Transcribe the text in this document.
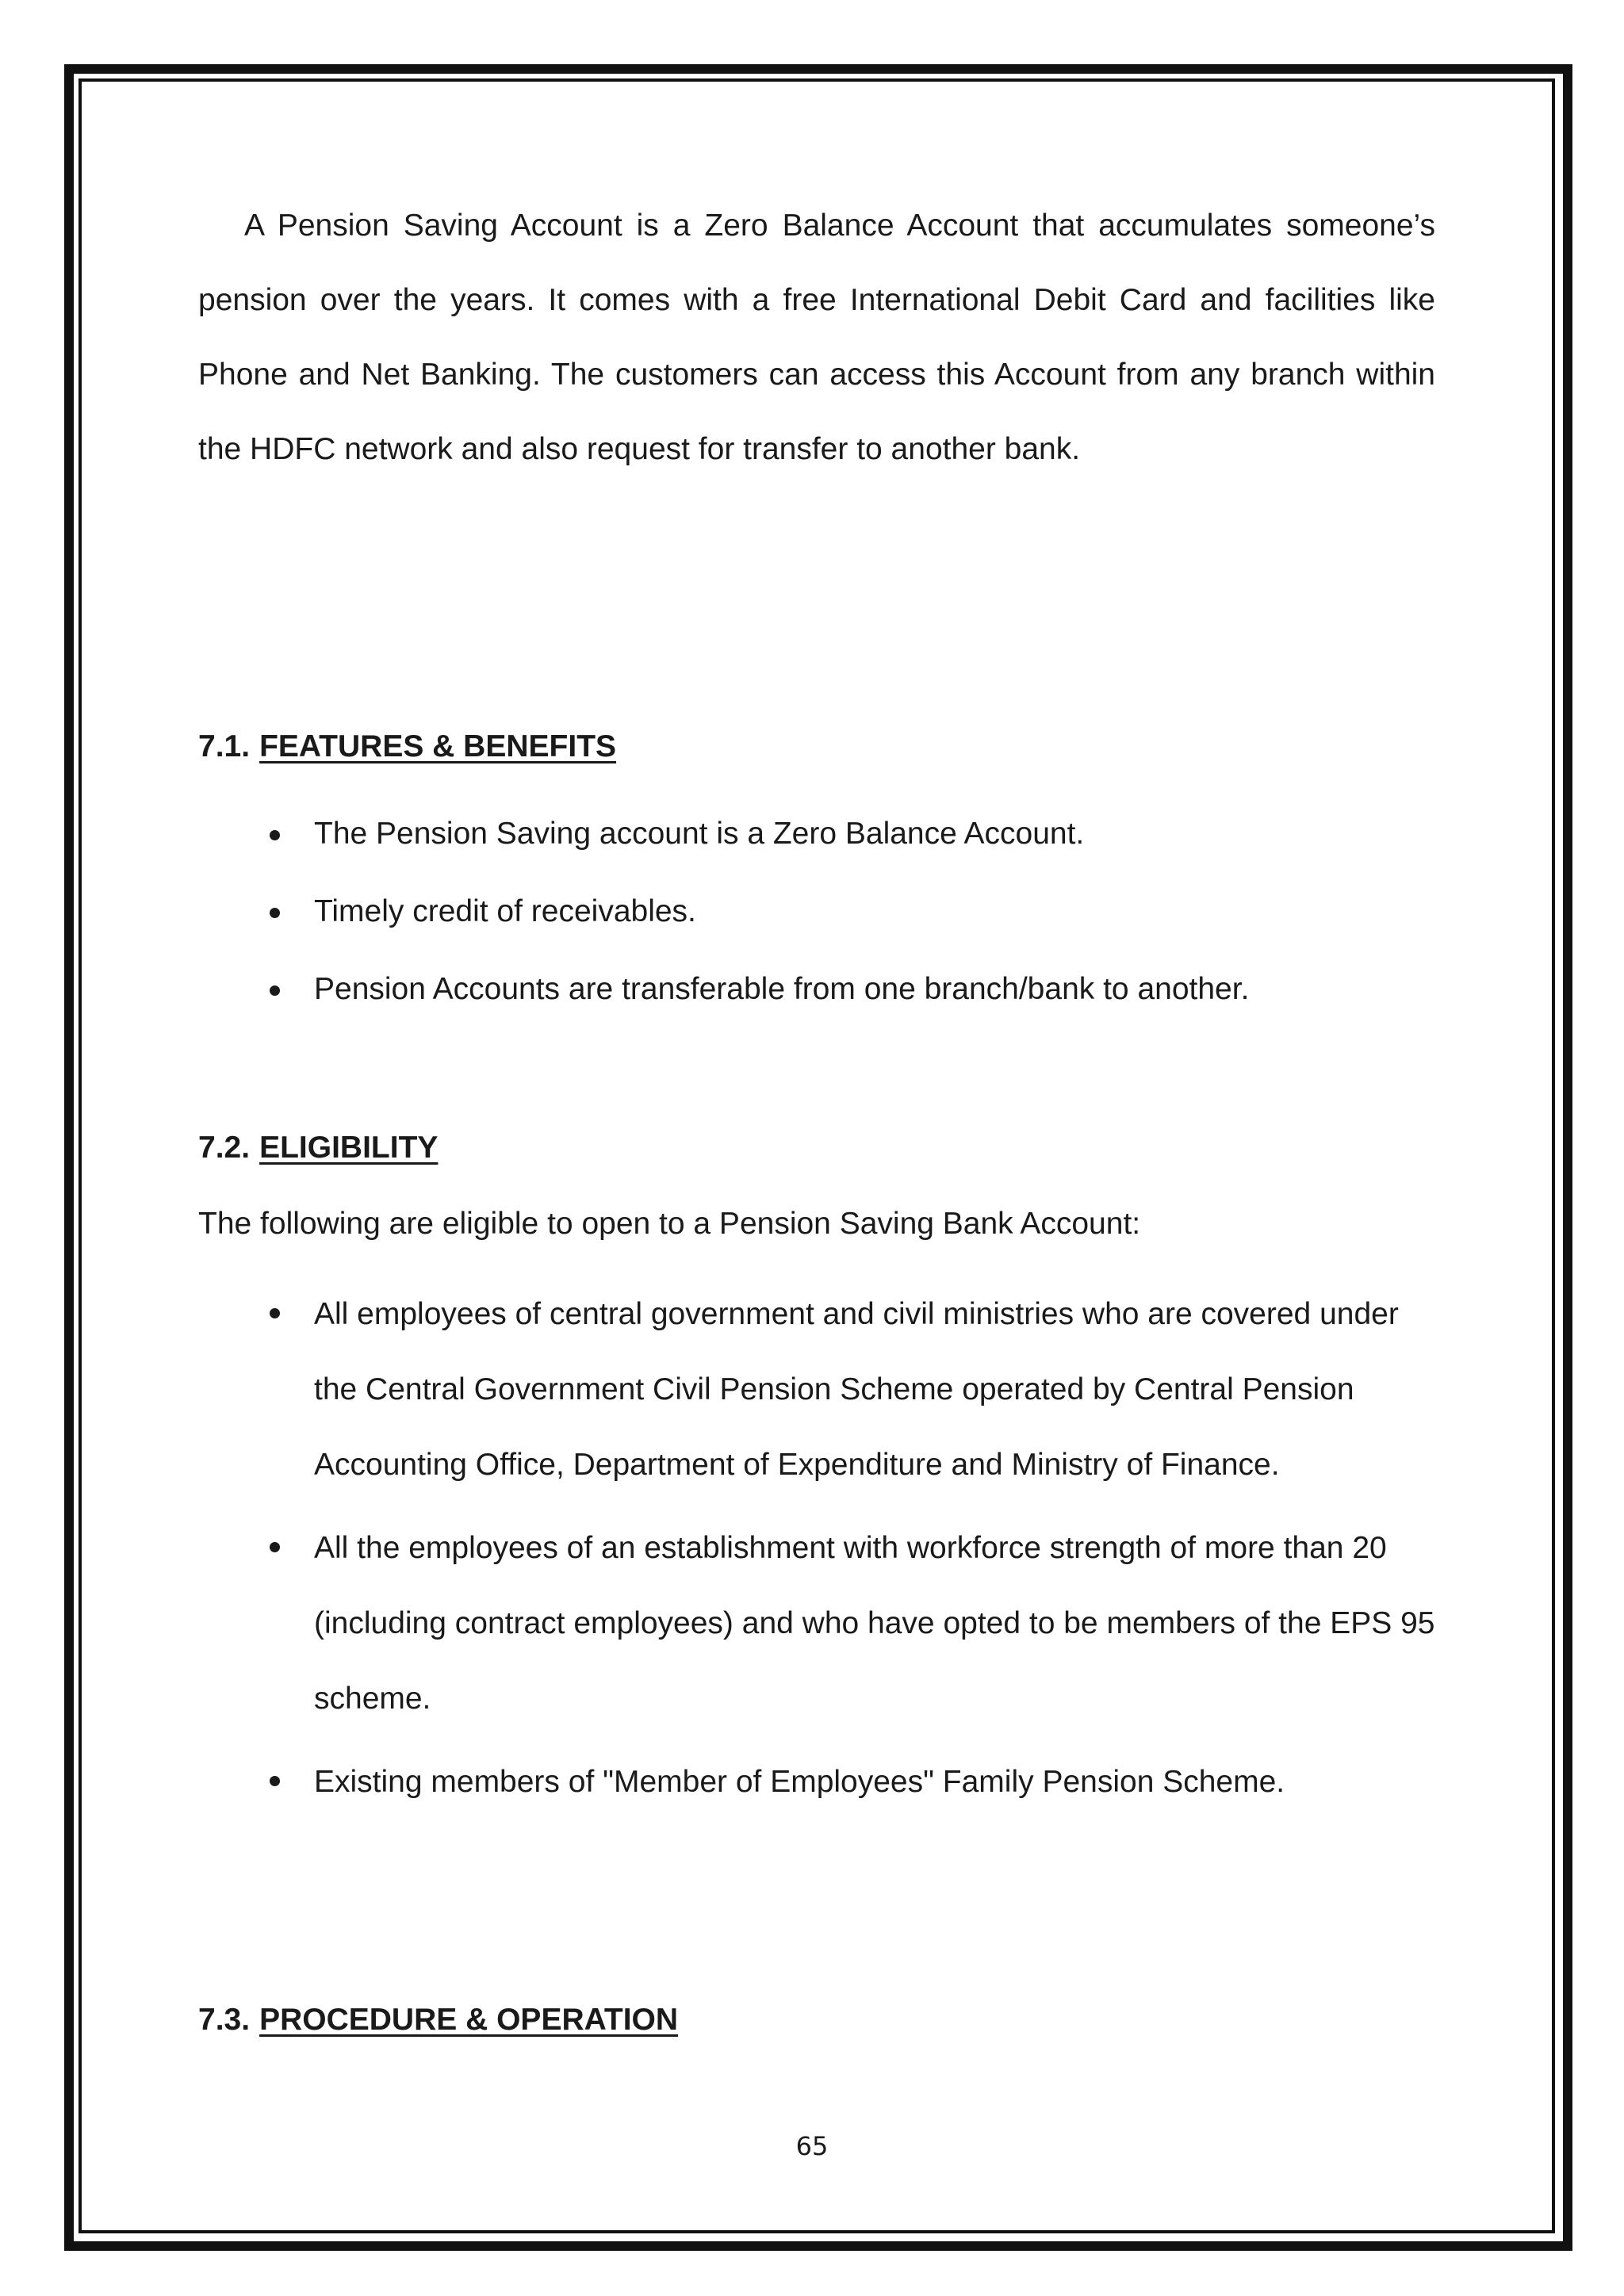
A Pension Saving Account is a Zero Balance Account that accumulates someone’s pension over the years. It comes with a free International Debit Card and facilities like Phone and Net Banking. The customers can access this Account from any branch within the HDFC network and also request for transfer to another bank.

7.1. FEATURES & BENEFITS
The Pension Saving account is a Zero Balance Account.
Timely credit of receivables.
Pension Accounts are transferable from one branch/bank to another.
7.2. ELIGIBILITY

The following are eligible to open to a Pension Saving Bank Account:

All employees of central government and civil ministries who are covered under the Central Government Civil Pension Scheme operated by Central Pension Accounting Office, Department of Expenditure and Ministry of Finance.
All the employees of an establishment with workforce strength of more than 20 (including contract employees) and who have opted to be members of the EPS 95 scheme.
Existing members of "Member of Employees" Family Pension Scheme.
7.3. PROCEDURE & OPERATION
65
